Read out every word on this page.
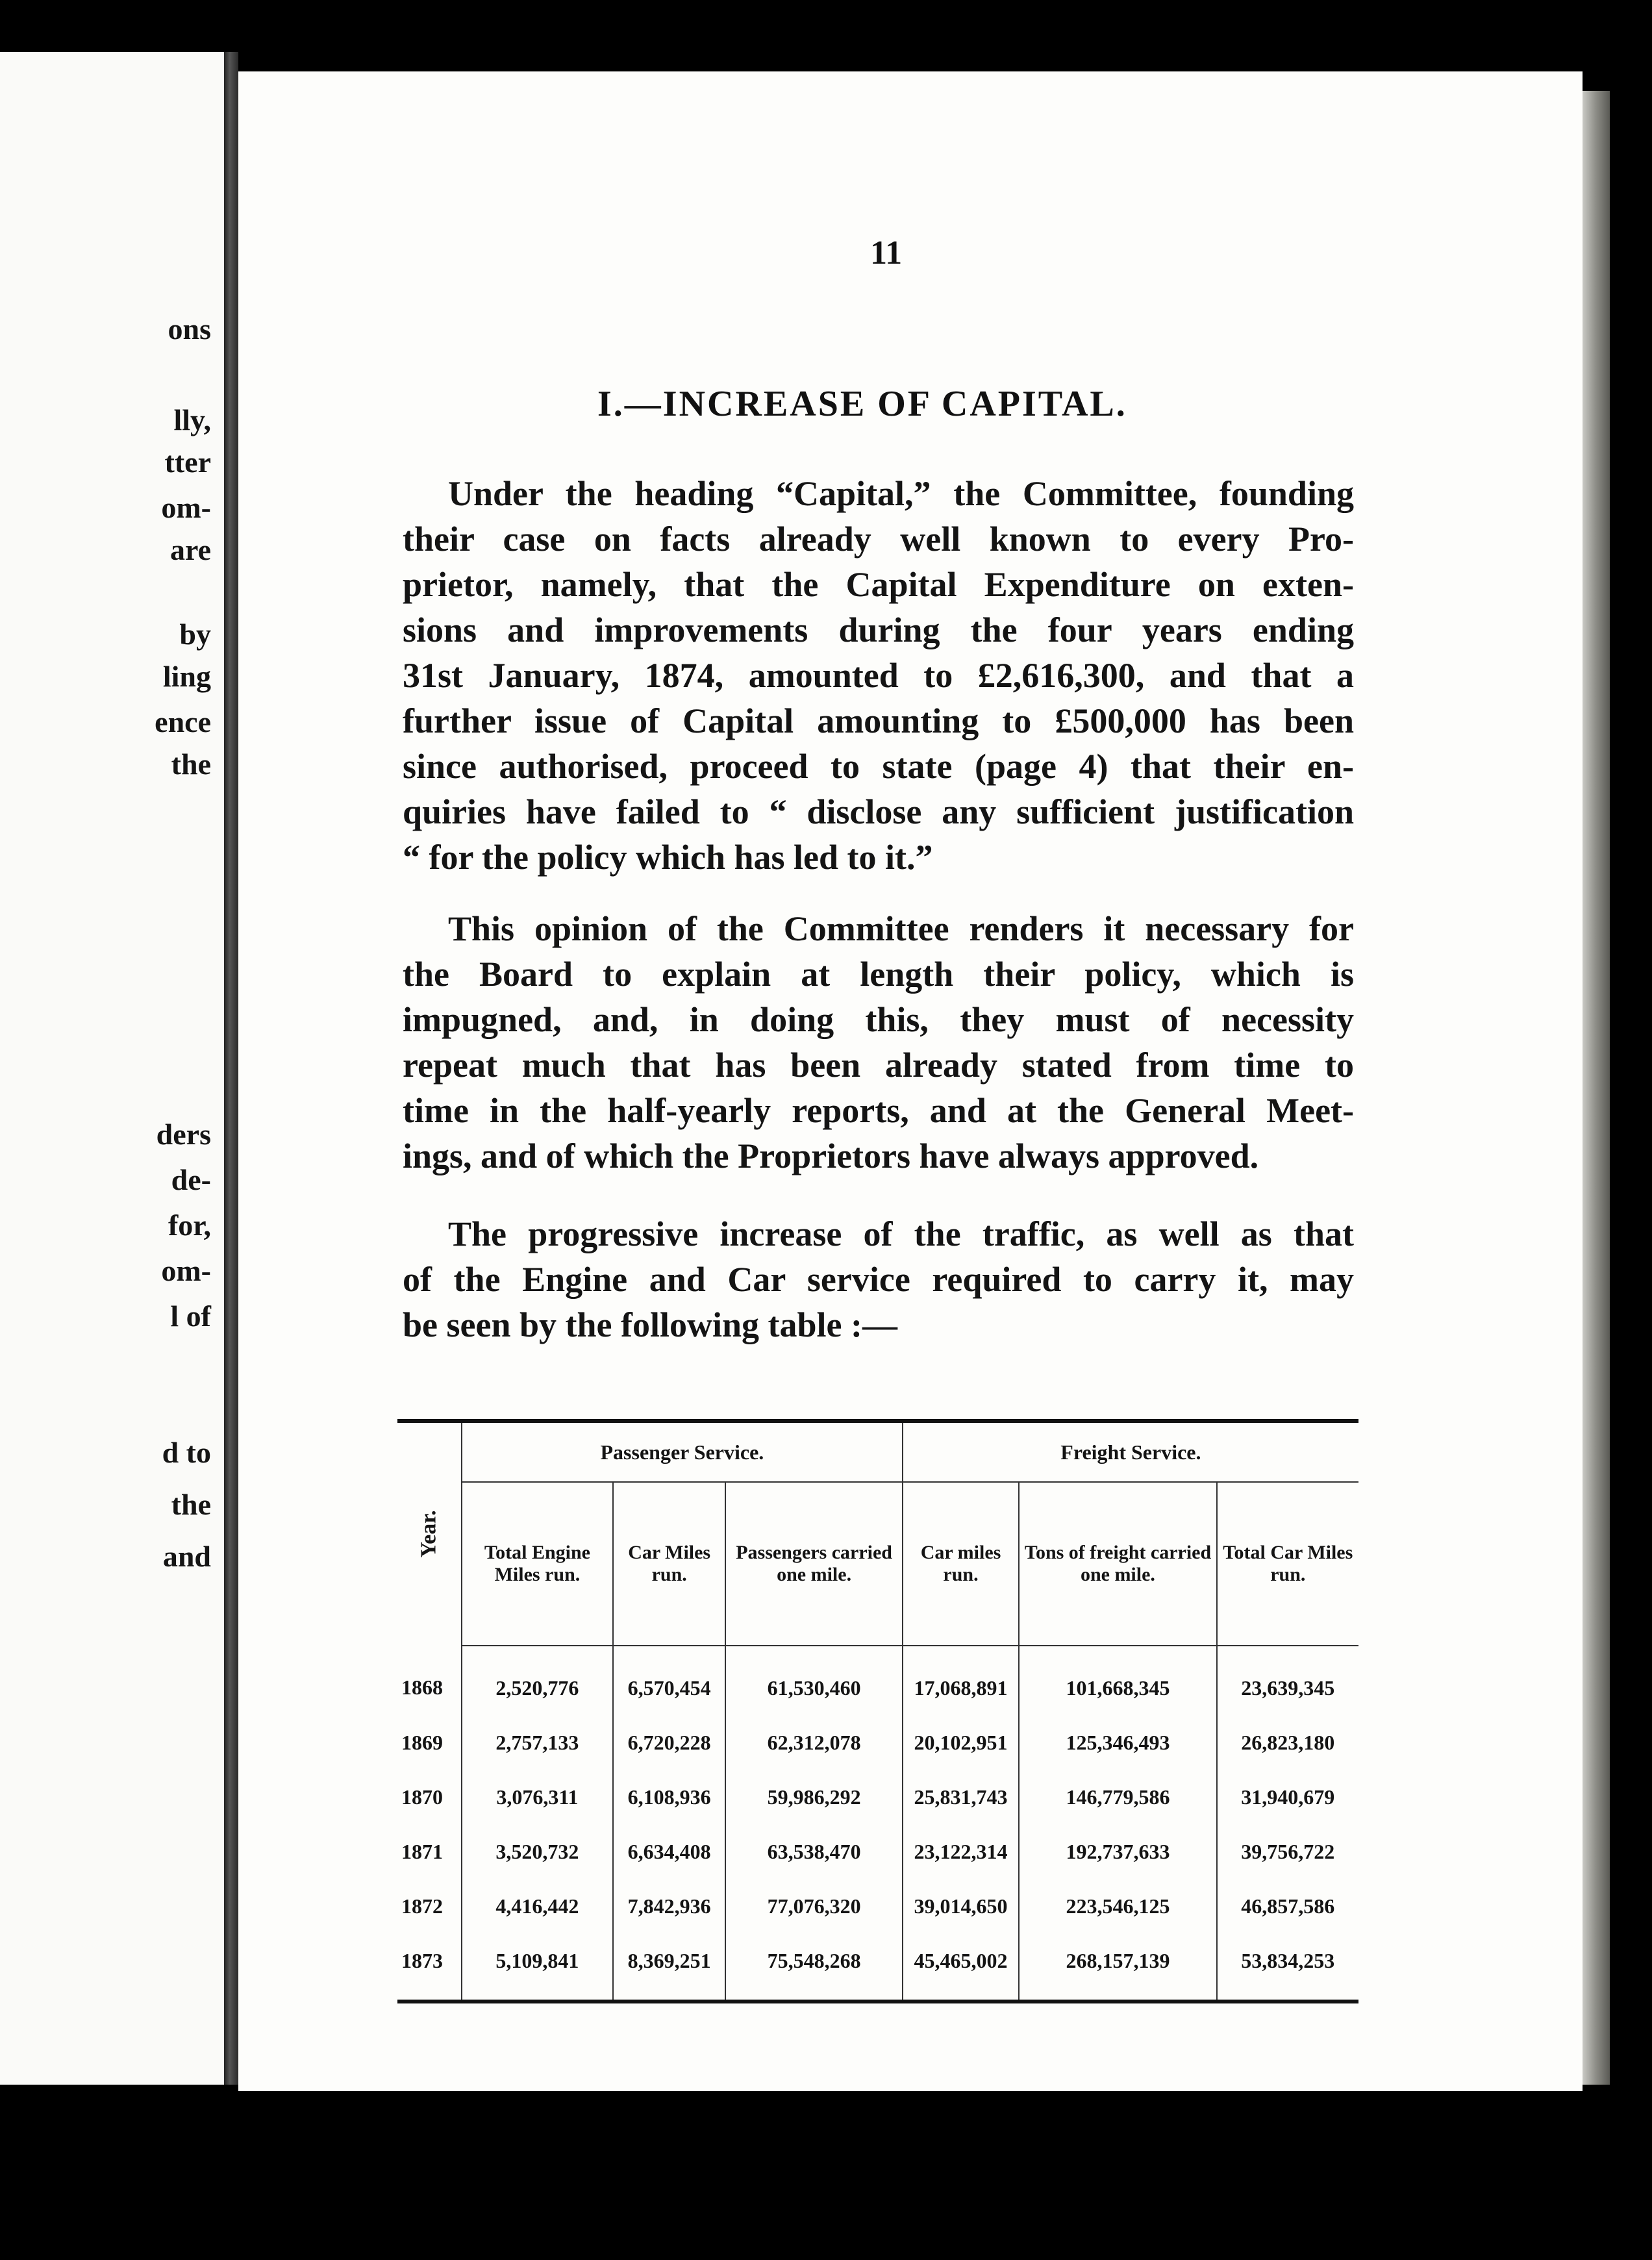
ons
lly,
tter
om-
are
by
ling
ence
the
ders
de-
for,
om-
l of
d to
the
and
11
I.—INCREASE OF CAPITAL.
Under the heading “Capital,” the Committee, founding
their case on facts already well known to every Pro-
prietor, namely, that the Capital Expenditure on exten-
sions and improvements during the four years ending
31st January, 1874, amounted to £2,616,300, and that a
further issue of Capital amounting to £500,000 has been
since authorised, proceed to state (page 4) that their en-
quiries have failed to “ disclose any sufficient justification
“ for the policy which has led to it.”
This opinion of the Committee renders it necessary for
the Board to explain at length their policy, which is
impugned, and, in doing this, they must of necessity
repeat much that has been already stated from time to
time in the half-yearly reports, and at the General Meet-
ings, and of which the Proprietors have always approved.
The progressive increase of the traffic, as well as that
of the Engine and Car service required to carry it, may
be seen by the following table :—
Year.	Passenger Service.			Freight Service.		
	Total Engine Miles run.	Car Miles run.	Passengers carried one mile.	Car miles run.	Tons of freight carried one mile.	Total Car Miles run.
1868	2,520,776	6,570,454	61,530,460	17,068,891	101,668,345	23,639,345
1869	2,757,133	6,720,228	62,312,078	20,102,951	125,346,493	26,823,180
1870	3,076,311	6,108,936	59,986,292	25,831,743	146,779,586	31,940,679
1871	3,520,732	6,634,408	63,538,470	23,122,314	192,737,633	39,756,722
1872	4,416,442	7,842,936	77,076,320	39,014,650	223,546,125	46,857,586
1873	5,109,841	8,369,251	75,548,268	45,465,002	268,157,139	53,834,253
